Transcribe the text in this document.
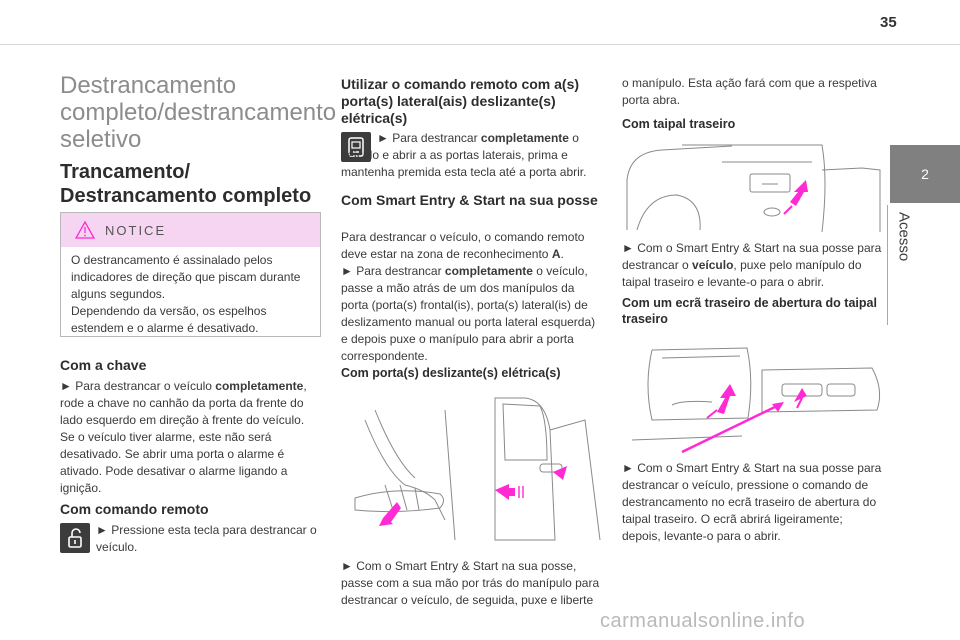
35
2
Acesso
Destrancamento completo/destrancamento seletivo
Trancamento/ Destrancamento completo
NOTICE

O destrancamento é assinalado pelos indicadores de direção que piscam durante alguns segundos.

Dependendo da versão, os espelhos estendem e o alarme é desativado.

Com a chave

► Para destrancar o veículo completamente, rode a chave no canhão da porta da frente do lado esquerdo em direção à frente do veículo.

Se o veículo tiver alarme, este não será desativado. Se abrir uma porta o alarme é ativado. Pode desativar o alarme ligando a ignição.

Com comando remoto
► Pressione esta tecla para destrancar o veículo.
Utilizar o comando remoto com a(s) porta(s) lateral(ais) deslizante(s) elétrica(s)
► Para destrancar completamente o veículo e abrir a as portas laterais, prima e mantenha premida esta tecla até a porta abrir.
Com Smart Entry & Start na sua posse

Para destrancar o veículo, o comando remoto deve estar na zona de reconhecimento A.

► Para destrancar completamente o veículo, passe a mão atrás de um dos manípulos da porta (porta(s) frontal(is), porta(s) lateral(is) de deslizamento manual ou porta lateral esquerda) e depois puxe o manípulo para abrir a porta correspondente.

Com porta(s) deslizante(s) elétrica(s)
► Com o Smart Entry & Start na sua posse, passe com a sua mão por trás do manípulo para destrancar o veículo, de seguida, puxe e liberte
o manípulo. Esta ação fará com que a respetiva porta abra.
Com taipal traseiro
► Com o Smart Entry & Start na sua posse para destrancar o veículo, puxe pelo manípulo do taipal traseiro e levante-o para o abrir.
Com um ecrã traseiro de abertura do taipal traseiro
► Com o Smart Entry & Start na sua posse para destrancar o veículo, pressione o comando de destrancamento no ecrã traseiro de abertura do taipal traseiro. O ecrã abrirá ligeiramente; depois, levante-o para o abrir.
carmanualsonline.info
